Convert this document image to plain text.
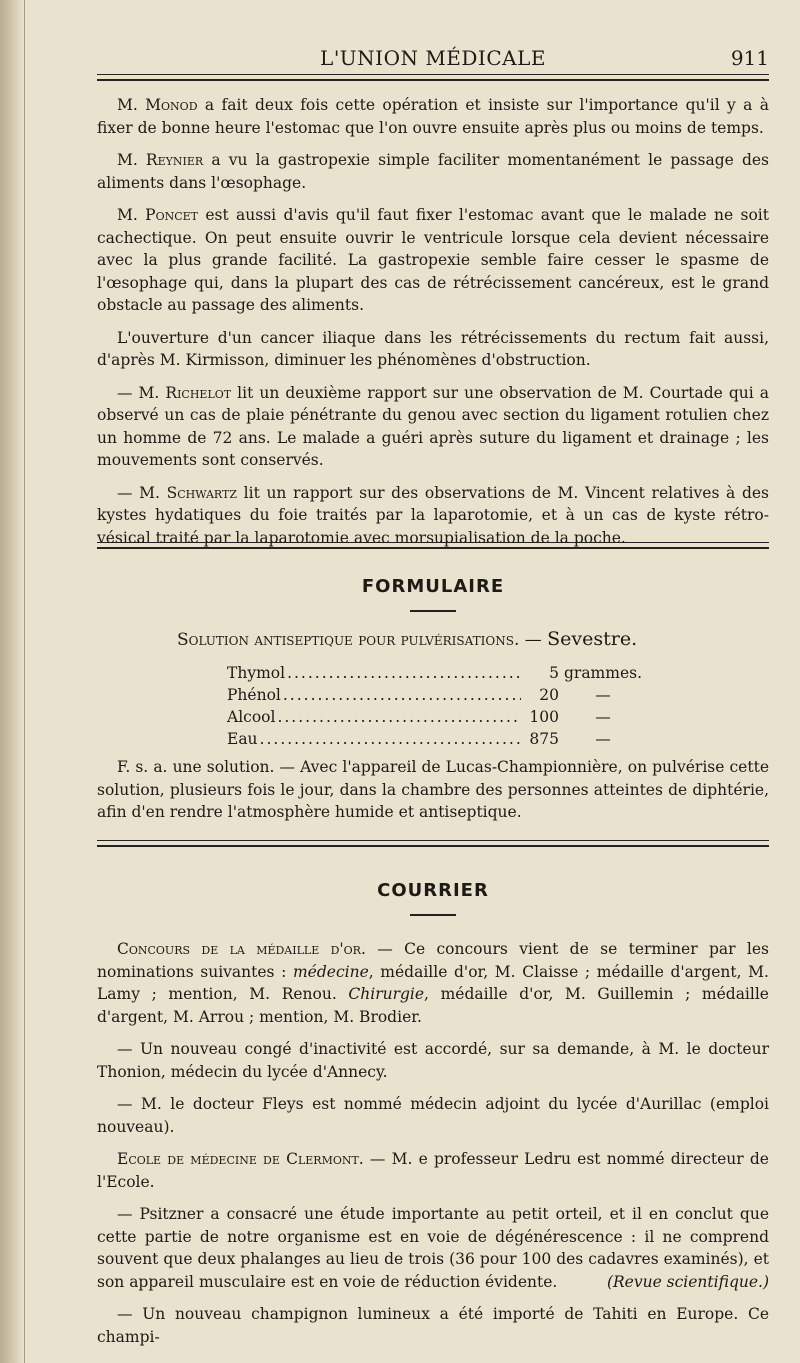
L'UNION MÉDICALE	911

M. Monod a fait deux fois cette opération et insiste sur l'importance qu'il y a à fixer de bonne heure l'estomac que l'on ouvre ensuite après plus ou moins de temps.

M. Reynier a vu la gastropexie simple faciliter momentanément le passage des aliments dans l'œsophage.

M. Poncet est aussi d'avis qu'il faut fixer l'estomac avant que le malade ne soit cachectique. On peut ensuite ouvrir le ventricule lorsque cela devient nécessaire avec la plus grande facilité. La gastropexie semble faire cesser le spasme de l'œsophage qui, dans la plupart des cas de rétrécissement cancéreux, est le grand obstacle au passage des aliments.

L'ouverture d'un cancer iliaque dans les rétrécissements du rectum fait aussi, d'après M. Kirmisson, diminuer les phénomènes d'obstruction.

— M. Richelot lit un deuxième rapport sur une observation de M. Courtade qui a observé un cas de plaie pénétrante du genou avec section du ligament rotulien chez un homme de 72 ans. Le malade a guéri après suture du ligament et drainage ; les mouvements sont conservés.

— M. Schwartz lit un rapport sur des observations de M. Vincent relatives à des kystes hydatiques du foie traités par la laparotomie, et à un cas de kyste rétro-vésical traité par la laparotomie avec morsupialisation de la poche.

FORMULAIRE
Solution antiseptique pour pulvérisations. — Sevestre.
Thymol .....	5 grammes.
Phénol .....	20	—
Alcool .....	100	—
Eau .....	875	—

F. s. a. une solution. — Avec l'appareil de Lucas-Championnière, on pulvérise cette solution, plusieurs fois le jour, dans la chambre des personnes atteintes de diphtérie, afin d'en rendre l'atmosphère humide et antiseptique.

COURRIER

Concours de la médaille d'or. — Ce concours vient de se terminer par les nominations suivantes : médecine, médaille d'or, M. Claisse ; médaille d'argent, M. Lamy ; mention, M. Renou. Chirurgie, médaille d'or, M. Guillemin ; médaille d'argent, M. Arrou ; mention, M. Brodier.

— Un nouveau congé d'inactivité est accordé, sur sa demande, à M. le docteur Thonion, médecin du lycée d'Annecy.

— M. le docteur Fleys est nommé médecin adjoint du lycée d'Aurillac (emploi nouveau).

Ecole de médecine de Clermont. — M. e professeur Ledru est nommé directeur de l'Ecole.

— Psitzner a consacré une étude importante au petit orteil, et il en conclut que cette partie de notre organisme est en voie de dégénérescence : il ne comprend souvent que deux phalanges au lieu de trois (36 pour 100 des cadavres examinés), et son appareil musculaire est en voie de réduction évidente.	(Revue scientifique.)

— Un nouveau champignon lumineux a été importé de Tahiti en Europe. Ce champi-
